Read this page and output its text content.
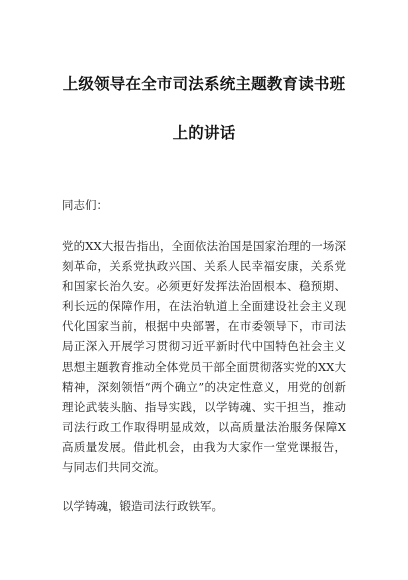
上级领导在全市司法系统主题教育读书班
上的讲话

同志们：

党的XX大报告指出，全面依法治国是国家治理的一场深刻革命，关系党执政兴国、关系人民幸福安康，关系党和国家长治久安。必须更好发挥法治固根本、稳预期、利长远的保障作用，在法治轨道上全面建设社会主义现代化国家当前，根据中央部署，在市委领导下，市司法局正深入开展学习贯彻习近平新时代中国特色社会主义思想主题教育推动全体党员干部全面贯彻落实党的XX大精神，深刻领悟“两个确立”的决定性意义，用党的创新理论武装头脑、指导实践，以学铸魂、实干担当，推动司法行政工作取得明显成效，以高质量法治服务保障X高质量发展。借此机会，由我为大家作一堂党课报告，与同志们共同交流。

以学铸魂，锻造司法行政铁军。
